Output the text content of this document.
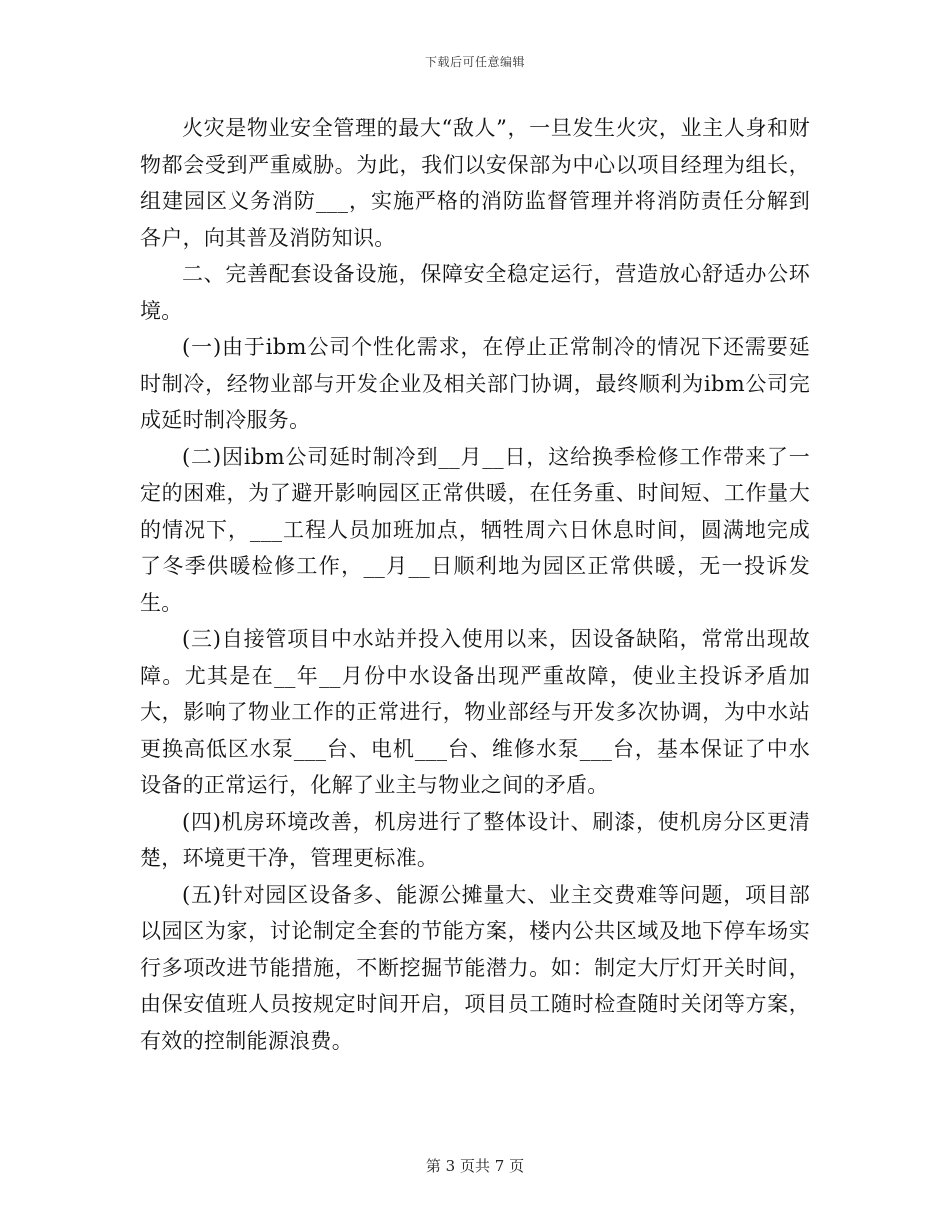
下载后可任意编辑

火灾是物业安全管理的最大“敌人”，一旦发生火灾，业主人身和财物都会受到严重威胁。为此，我们以安保部为中心以项目经理为组长，组建园区义务消防___，实施严格的消防监督管理并将消防责任分解到各户，向其普及消防知识。

二、完善配套设备设施，保障安全稳定运行，营造放心舒适办公环境。

(一)由于ibm公司个性化需求，在停止正常制冷的情况下还需要延时制冷，经物业部与开发企业及相关部门协调，最终顺利为ibm公司完成延时制冷服务。

(二)因ibm公司延时制冷到__月__日，这给换季检修工作带来了一定的困难，为了避开影响园区正常供暖，在任务重、时间短、工作量大的情况下，___工程人员加班加点，牺牲周六日休息时间，圆满地完成了冬季供暖检修工作，__月__日顺利地为园区正常供暖，无一投诉发生。

(三)自接管项目中水站并投入使用以来，因设备缺陷，常常出现故障。尤其是在__年__月份中水设备出现严重故障，使业主投诉矛盾加大，影响了物业工作的正常进行，物业部经与开发多次协调，为中水站更换高低区水泵___台、电机___台、维修水泵___台，基本保证了中水设备的正常运行，化解了业主与物业之间的矛盾。

(四)机房环境改善，机房进行了整体设计、刷漆，使机房分区更清楚，环境更干净，管理更标准。

(五)针对园区设备多、能源公摊量大、业主交费难等问题，项目部以园区为家，讨论制定全套的节能方案，楼内公共区域及地下停车场实行多项改进节能措施，不断挖掘节能潜力。如：制定大厅灯开关时间，由保安值班人员按规定时间开启，项目员工随时检查随时关闭等方案，有效的控制能源浪费。

第 3 页共 7 页
